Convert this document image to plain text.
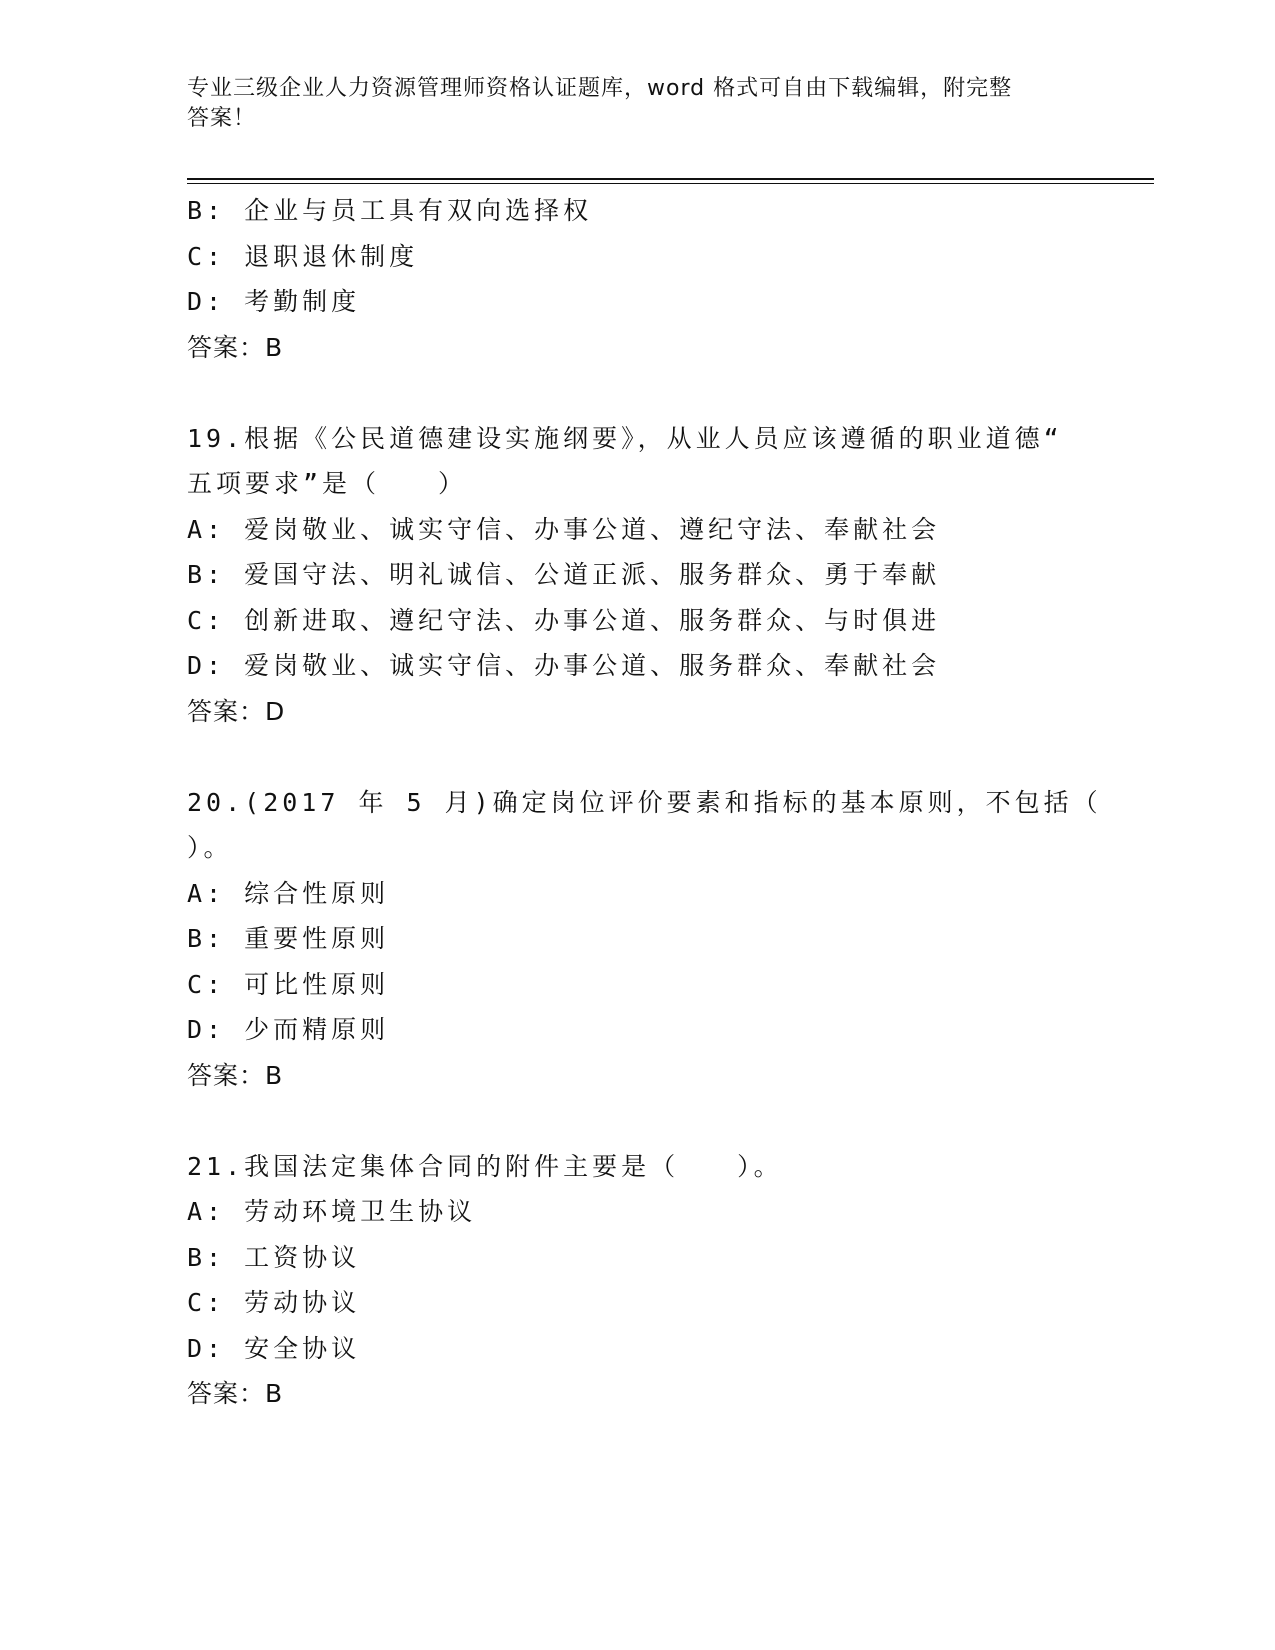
专业三级企业人力资源管理师资格认证题库，word 格式可自由下载编辑，附完整
答案！
B: 企业与员工具有双向选择权
C: 退职退休制度
D: 考勤制度
答案：B
19.根据《公民道德建设实施纲要》，从业人员应该遵循的职业道德“
五项要求”是（　　）
A: 爱岗敬业、诚实守信、办事公道、遵纪守法、奉献社会
B: 爱国守法、明礼诚信、公道正派、服务群众、勇于奉献
C: 创新进取、遵纪守法、办事公道、服务群众、与时俱进
D: 爱岗敬业、诚实守信、办事公道、服务群众、奉献社会
答案：D
20.(2017 年 5 月)确定岗位评价要素和指标的基本原则，不包括（
）。
A: 综合性原则
B: 重要性原则
C: 可比性原则
D: 少而精原则
答案：B
21.我国法定集体合同的附件主要是（　　）。
A: 劳动环境卫生协议
B: 工资协议
C: 劳动协议
D: 安全协议
答案：B
